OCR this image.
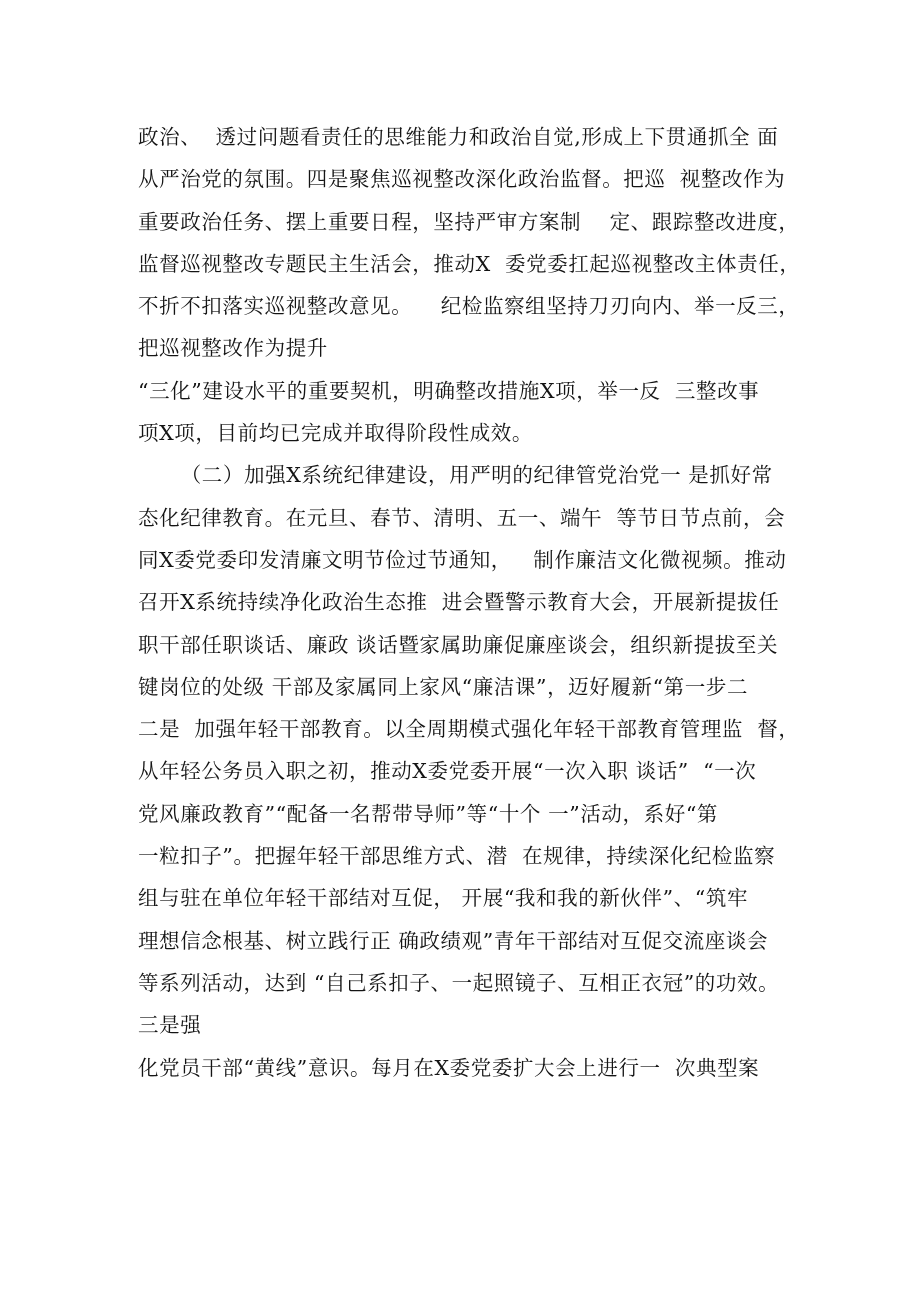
政治、  透过问题看责任的思维能力和政治自觉,形成上下贯通抓全 面
从严治党的氛围。四是聚焦巡视整改深化政治监督。把巡  视整改作为
重要政治任务、摆上重要日程，坚持严审方案制    定、跟踪整改进度，
监督巡视整改专题民主生活会，推动X  委党委扛起巡视整改主体责任，
不折不扣落实巡视整改意见。    纪检监察组坚持刀刃向内、举一反三，
把巡视整改作为提升
“三化”建设水平的重要契机，明确整改措施X项，举一反  三整改事
项X项，目前均已完成并取得阶段性成效。
（二）加强X系统纪律建设，用严明的纪律管党治党一 是抓好常
态化纪律教育。在元旦、春节、清明、五一、端午  等节日节点前，会
同X委党委印发清廉文明节俭过节通知，   制作廉洁文化微视频。推动
召开X系统持续净化政治生态推  进会暨警示教育大会，开展新提拔任
职干部任职谈话、廉政 谈话暨家属助廉促廉座谈会，组织新提拔至关
键岗位的处级 干部及家属同上家风“廉洁课”，迈好履新“第一步二
二是  加强年轻干部教育。以全周期模式强化年轻干部教育管理监  督，
从年轻公务员入职之初，推动X委党委开展“一次入职 谈话”  “一次
党风廉政教育”“配备一名帮带导师”等“十个 一”活动，系好“第
一粒扣子”。把握年轻干部思维方式、潜  在规律，持续深化纪检监察
组与驻在单位年轻干部结对互促， 开展“我和我的新伙伴”、“筑牢
理想信念根基、树立践行正 确政绩观”青年干部结对互促交流座谈会
等系列活动，达到 “自己系扣子、一起照镜子、互相正衣冠”的功效。
三是强
化党员干部“黄线”意识。每月在X委党委扩大会上进行一  次典型案
